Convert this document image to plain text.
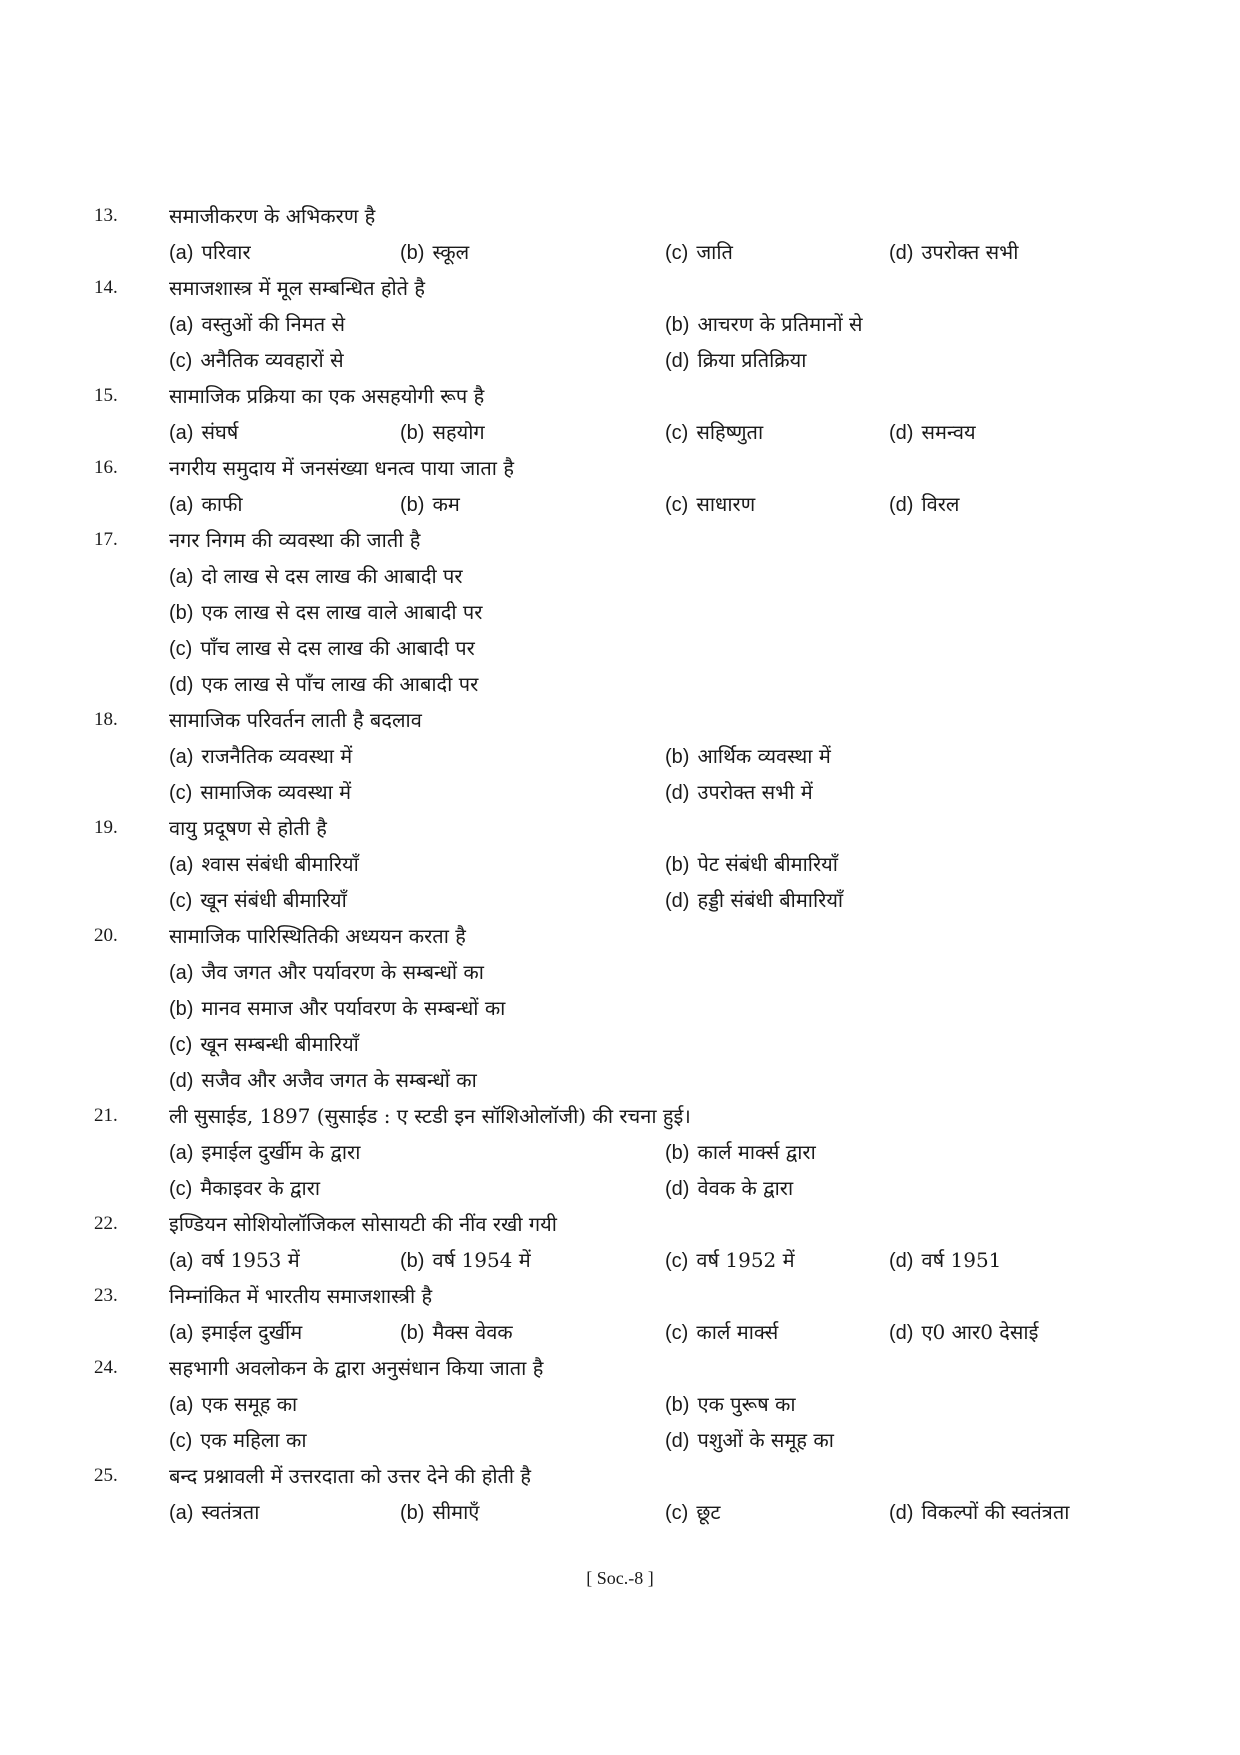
13.	समाजीकरण के अभिकरण है
(a) परिवार	(b) स्कूल	(c) जाति	(d) उपरोक्त सभी
14.	समाजशास्त्र में मूल सम्बन्धित होते है
(a) वस्तुओं की निमत से	(b) आचरण के प्रतिमानों से
(c) अनैतिक व्यवहारों से	(d) क्रिया प्रतिक्रिया
15.	सामाजिक प्रक्रिया का एक असहयोगी रूप है
(a) संघर्ष	(b) सहयोग	(c) सहिष्णुता	(d) समन्वय
16.	नगरीय समुदाय में जनसंख्या धनत्व पाया जाता है
(a) काफी	(b) कम	(c) साधारण	(d) विरल
17.	नगर निगम की व्यवस्था की जाती है
(a) दो लाख से दस लाख की आबादी पर
(b) एक लाख से दस लाख वाले आबादी पर
(c) पाँच लाख से दस लाख की आबादी पर
(d) एक लाख से पाँच लाख की आबादी पर
18.	सामाजिक परिवर्तन लाती है बदलाव
(a) राजनैतिक व्यवस्था में	(b) आर्थिक व्यवस्था में
(c) सामाजिक व्यवस्था में	(d) उपरोक्त सभी में
19.	वायु प्रदूषण से होती है
(a) श्वास संबंधी बीमारियाँ	(b) पेट संबंधी बीमारियाँ
(c) खून संबंधी बीमारियाँ	(d) हड्डी संबंधी बीमारियाँ
20.	सामाजिक पारिस्थितिकी अध्ययन करता है
(a) जैव जगत और पर्यावरण के सम्बन्धों का
(b) मानव समाज और पर्यावरण के सम्बन्धों का
(c) खून सम्बन्धी बीमारियाँ
(d) सजैव और अजैव जगत के सम्बन्धों का
21.	ली सुसाईड, 1897 (सुसाईड : ए स्टडी इन सॉशिओलॉजी) की रचना हुई।
(a) इमाईल दुर्खीम के द्वारा	(b) कार्ल मार्क्स द्वारा
(c) मैकाइवर के द्वारा	(d) वेवक के द्वारा
22.	इण्डियन सोशियोलॉजिकल सोसायटी की नींव रखी गयी
(a) वर्ष 1953 में	(b) वर्ष 1954 में	(c) वर्ष 1952 में	(d) वर्ष 1951
23.	निम्नांकित में भारतीय समाजशास्त्री है
(a) इमाईल दुर्खीम	(b) मैक्स वेवक	(c) कार्ल मार्क्स	(d) ए0 आर0 देसाई
24.	सहभागी अवलोकन के द्वारा अनुसंधान किया जाता है
(a) एक समूह का	(b) एक पुरूष का
(c) एक महिला का	(d) पशुओं के समूह का
25.	बन्द प्रश्नावली में उत्तरदाता को उत्तर देने की होती है
(a) स्वतंत्रता	(b) सीमाएँ	(c) छूट	(d) विकल्पों की स्वतंत्रता
[ Soc.-8 ]
